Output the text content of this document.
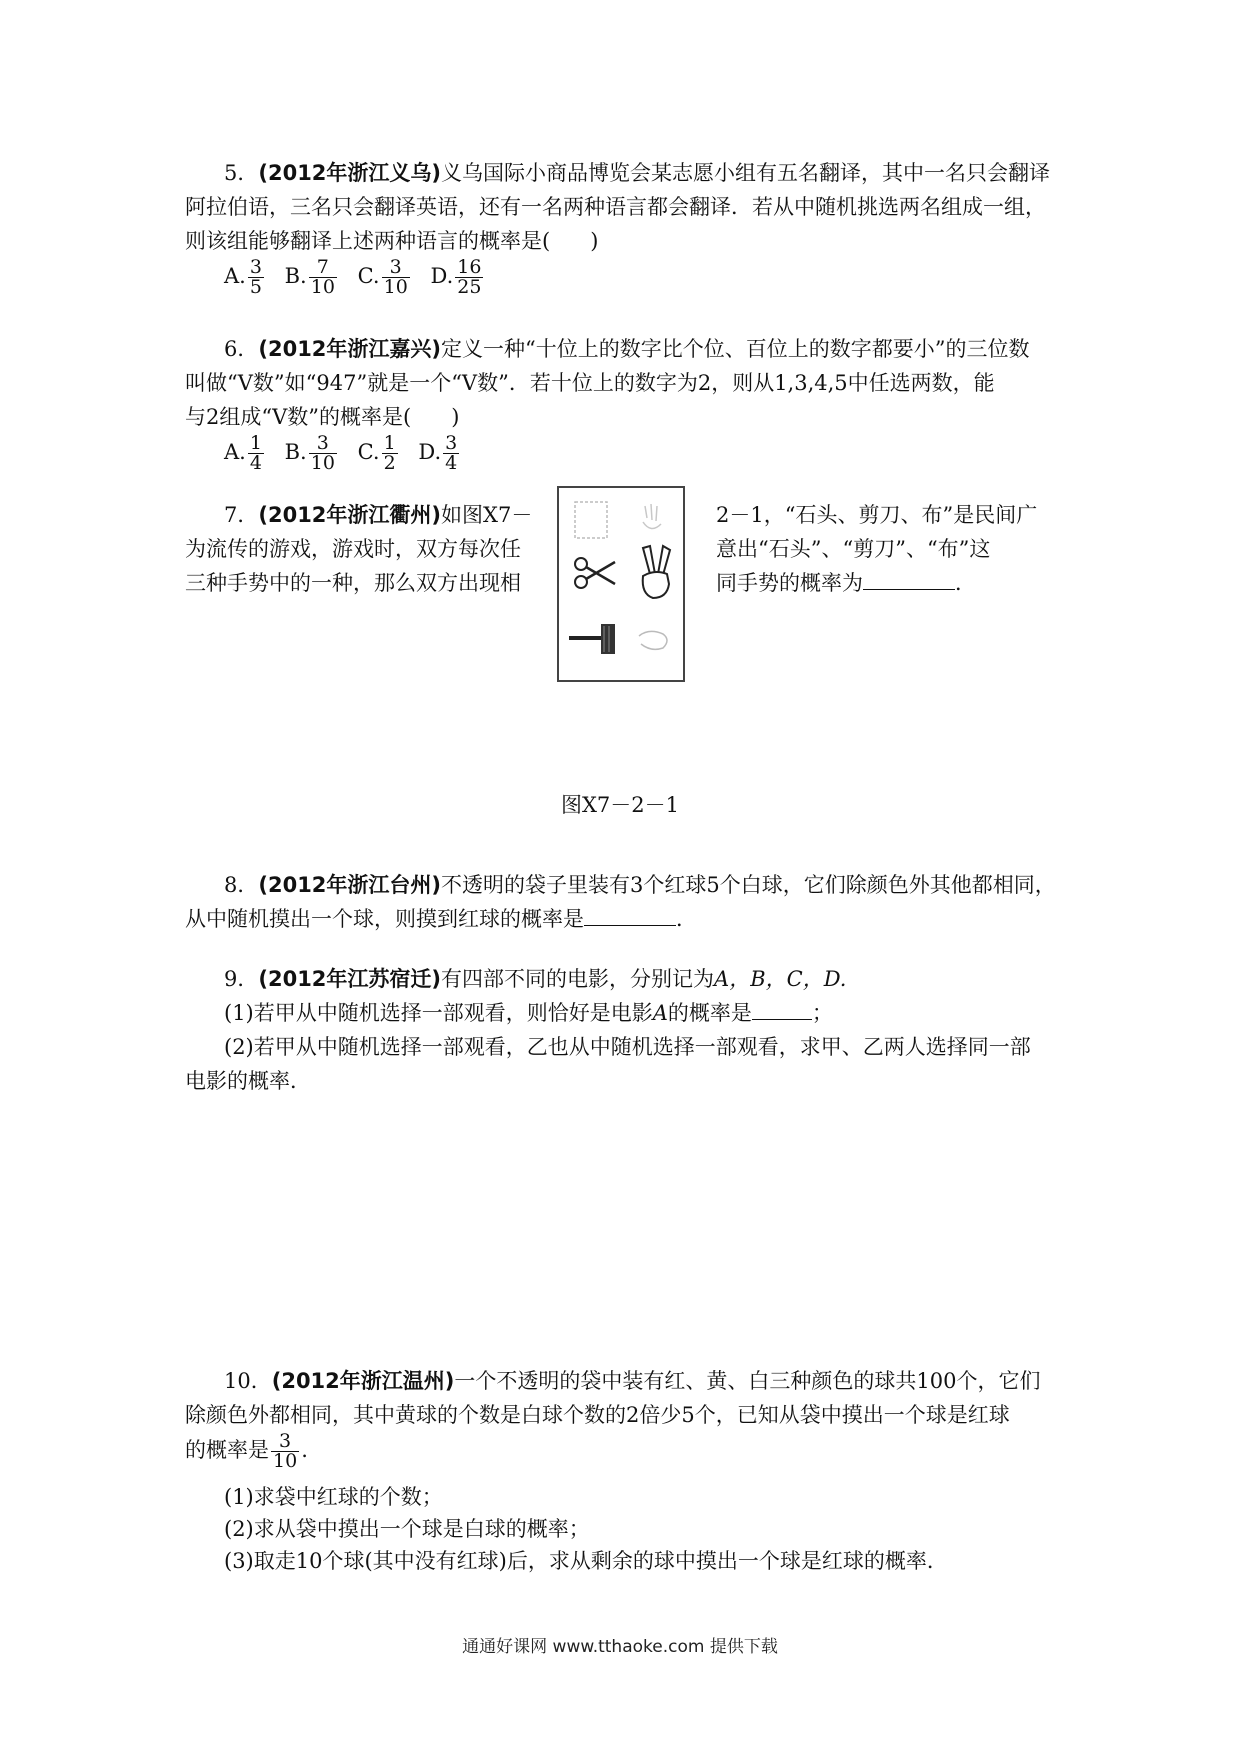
5．(2012年浙江义乌)义乌国际小商品博览会某志愿小组有五名翻译，其中一名只会翻译
阿拉伯语，三名只会翻译英语，还有一名两种语言都会翻译．若从中随机挑选两名组成一组，
则该组能够翻译上述两种语言的概率是( )
A. $\frac{3}{5} B$. $\frac{7}{10} C$. $\frac{3}{10} D$. $\frac{16}{25}$
6．(2012年浙江嘉兴)定义一种“十位上的数字比个位、百位上的数字都要小”的三位数
叫做“V数”如“947”就是一个“V数”．若十位上的数字为2，则从1,3,4,5中任选两数，能
与2组成“V数”的概率是( )
A. $\frac{1}{4} B$. $\frac{3}{10} C$. $\frac{1}{2} D$. $\frac{3}{4}$
7．(2012年浙江衢州)如图X7－
为流传的游戏，游戏时，双方每次任
三种手势中的一种，那么双方出现相
2－1，“石头、剪刀、布”是民间广
意出“石头”、“剪刀”、“布”这
同手势的概率为	．
图X7－2－1
8．(2012年浙江台州)不透明的袋子里装有3个红球5个白球，它们除颜色外其他都相同，
从中随机摸出一个球，则摸到红球的概率是	．
9．(2012年江苏宿迁)有四部不同的电影，分别记为A，B，C，D.
(1)若甲从中随机选择一部观看，则恰好是电影A的概率是	；
(2)若甲从中随机选择一部观看，乙也从中随机选择一部观看，求甲、乙两人选择同一部
电影的概率．
10．(2012年浙江温州)一个不透明的袋中装有红、黄、白三种颜色的球共100个，它们
除颜色外都相同，其中黄球的个数是白球个数的2倍少5个，已知从袋中摸出一个球是红球
的概率是 $\frac{3}{10}$ .
(1)求袋中红球的个数；
(2)求从袋中摸出一个球是白球的概率；
(3)取走10个球(其中没有红球)后，求从剩余的球中摸出一个球是红球的概率．
通通好课网 www.tthaoke.com 提供下载
